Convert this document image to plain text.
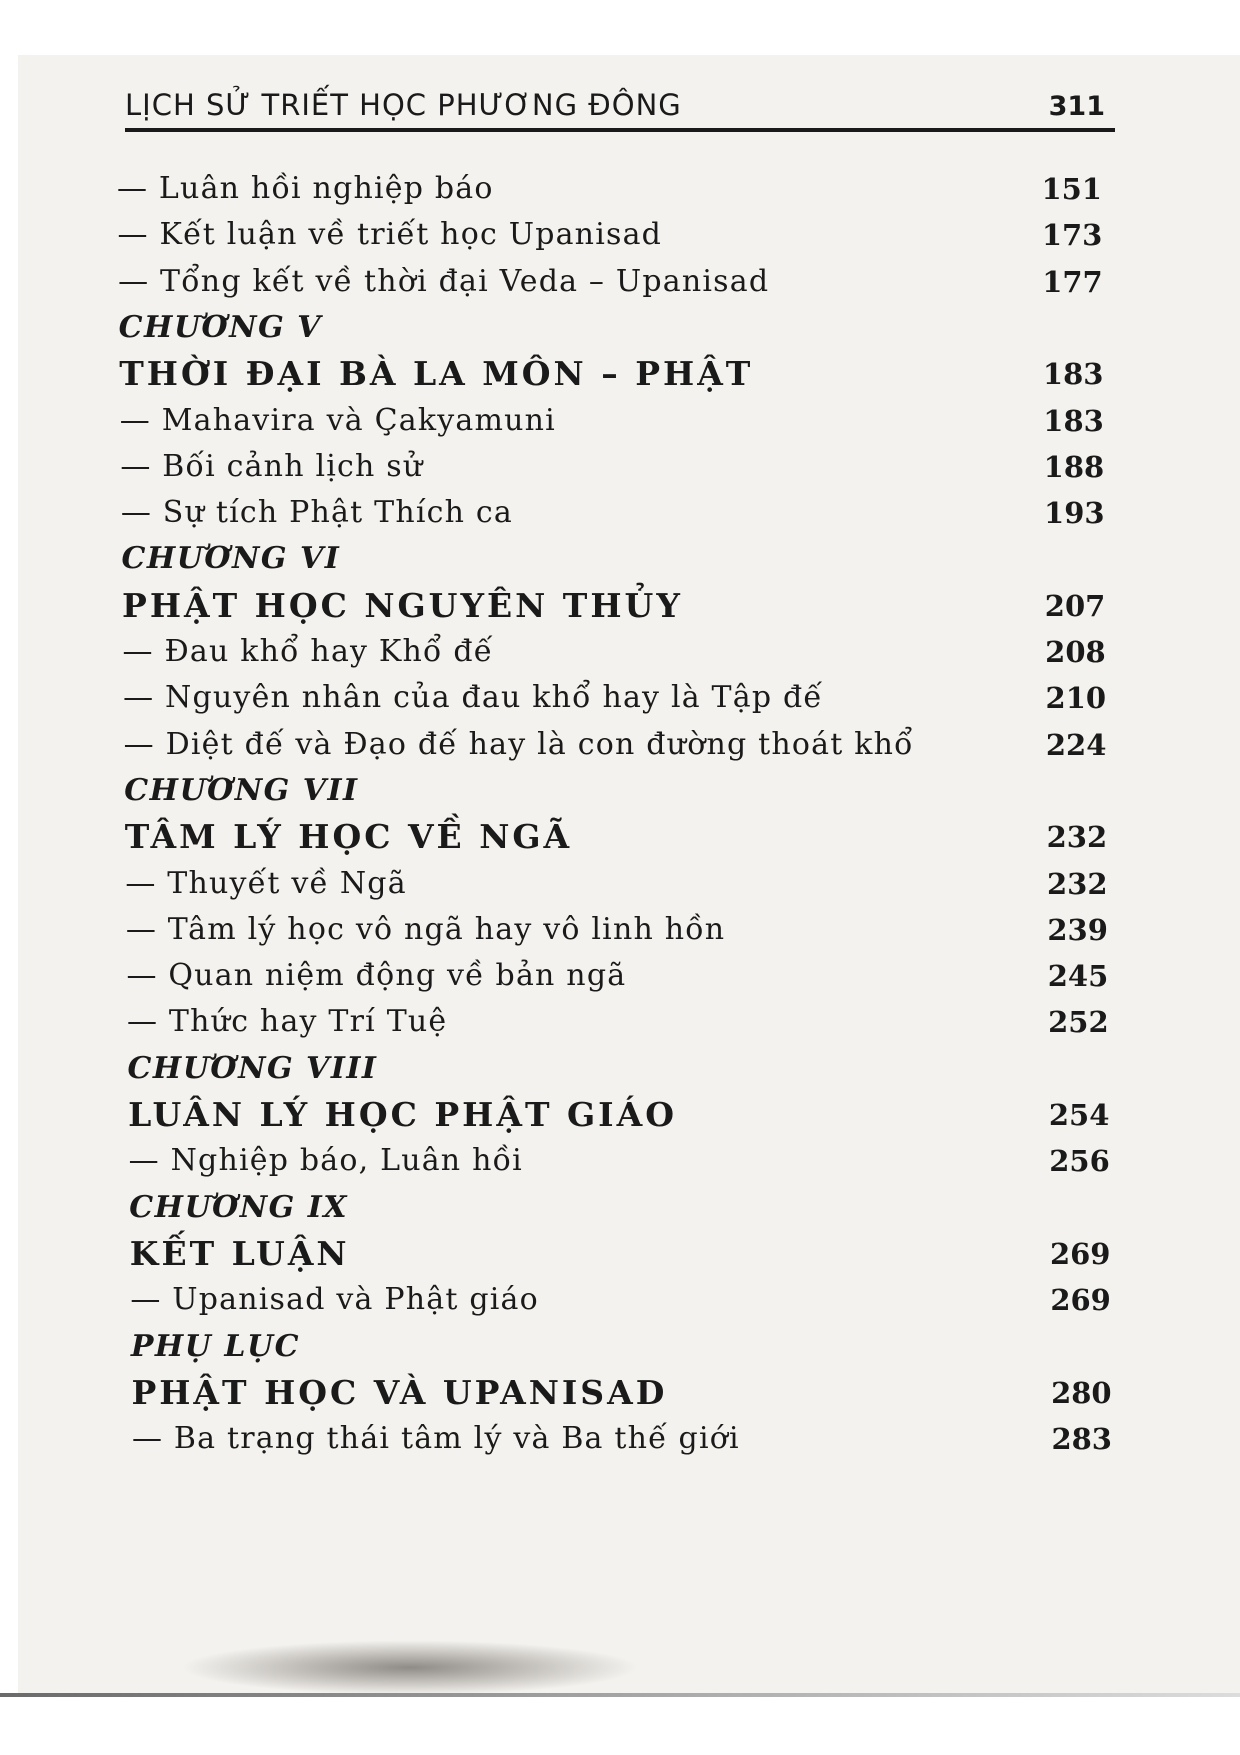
LỊCH SỬ TRIẾT HỌC PHƯƠNG ĐÔNG	311
— Luân hồi nghiệp báo	151
— Kết luận về triết học Upanisad	173
— Tổng kết về thời đại Veda – Upanisad	177
CHƯƠNG V
THỜI ĐẠI BÀ LA MÔN – PHẬT	183
— Mahavira và Çakyamuni	183
— Bối cảnh lịch sử	188
— Sự tích Phật Thích ca	193
CHƯƠNG VI
PHẬT HỌC NGUYÊN THỦY	207
— Đau khổ hay Khổ đế	208
— Nguyên nhân của đau khổ hay là Tập đế	210
— Diệt đế và Đạo đế hay là con đường thoát khổ	224
CHƯƠNG VII
TÂM LÝ HỌC VỀ NGÃ	232
— Thuyết về Ngã	232
— Tâm lý học vô ngã hay vô linh hồn	239
— Quan niệm động về bản ngã	245
— Thức hay Trí Tuệ	252
CHƯƠNG VIII
LUÂN LÝ HỌC PHẬT GIÁO	254
— Nghiệp báo, Luân hồi	256
CHƯƠNG IX
KẾT LUẬN	269
— Upanisad và Phật giáo	269
PHỤ LỤC
PHẬT HỌC VÀ UPANISAD	280
— Ba trạng thái tâm lý và Ba thế giới	283
